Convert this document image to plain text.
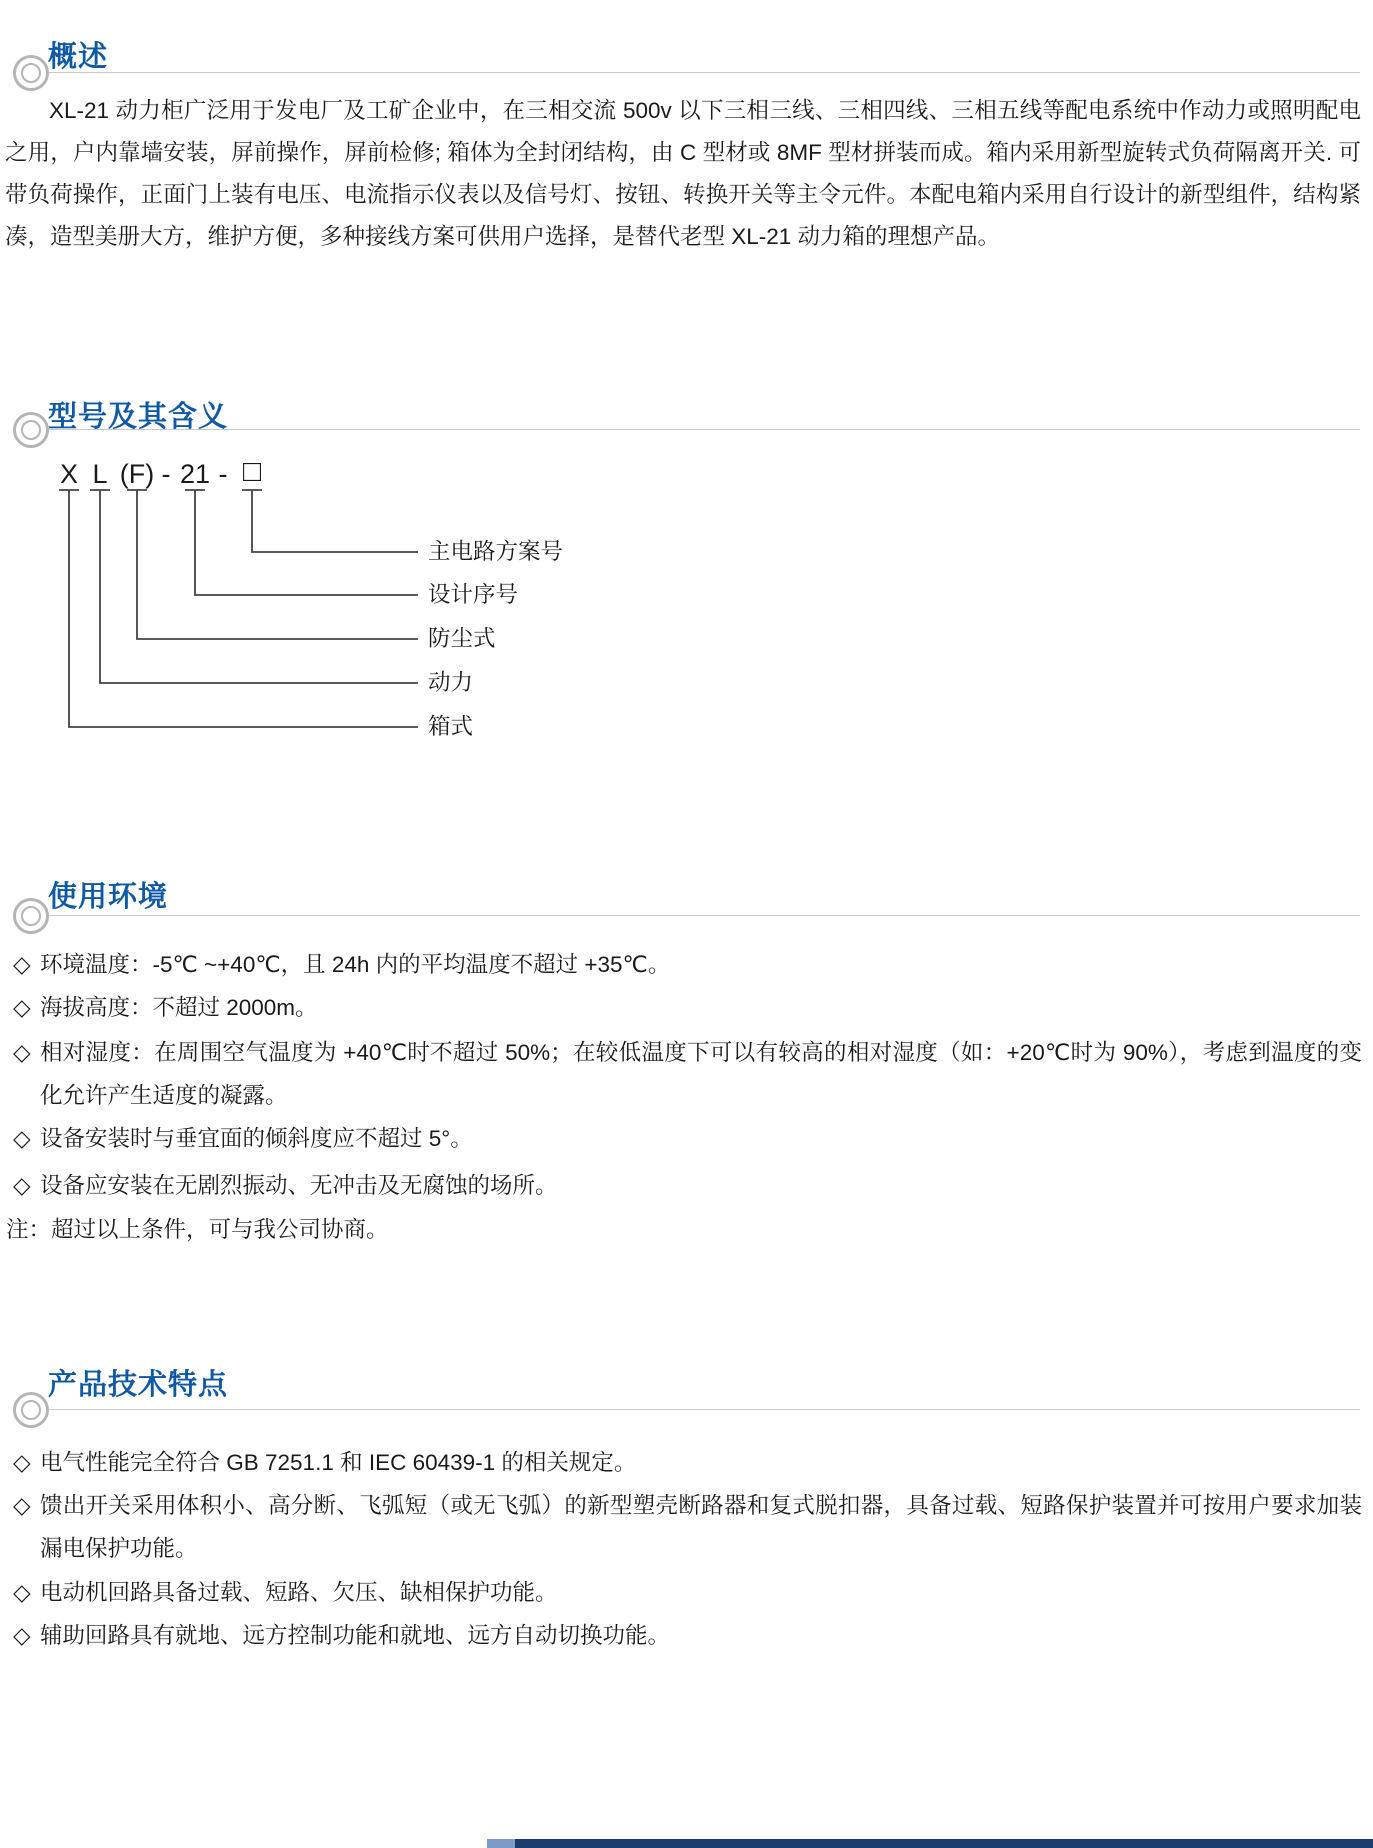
概述
XL-21 动力柜广泛用于发电厂及工矿企业中，在三相交流 500v 以下三相三线、三相四线、三相五线等配电系统中作动力或照明配电之用，户内靠墙安装，屏前操作，屏前检修; 箱体为全封闭结构，由 C 型材或 8MF 型材拼装而成。箱内采用新型旋转式负荷隔离开关. 可带负荷操作，正面门上装有电压、电流指示仪表以及信号灯、按钮、转换开关等主令元件。本配电箱内采用自行设计的新型组件，结构紧凑，造型美册大方，维护方便，多种接线方案可供用户选择，是替代老型 XL-21 动力箱的理想产品。
型号及其含义
X L (F) - 21 - □
主电路方案号
设计序号
防尘式
动力
箱式
使用环境
◇ 环境温度：-5℃ ~+40℃，且 24h 内的平均温度不超过 +35℃。
◇ 海拔高度：不超过 2000m。
◇ 相对湿度：在周围空气温度为 +40℃时不超过 50%；在较低温度下可以有较高的相对湿度（如：+20℃时为 90%），考虑到温度的变化允许产生适度的凝露。
◇ 设备安装时与垂宜面的倾斜度应不超过 5°。
◇ 设备应安装在无剧烈振动、无冲击及无腐蚀的场所。
注：超过以上条件，可与我公司协商。
产品技术特点
◇ 电气性能完全符合 GB 7251.1 和 IEC 60439-1 的相关规定。
◇ 馈出开关采用体积小、高分断、飞弧短（或无飞弧）的新型塑壳断路器和复式脱扣器，具备过载、短路保护装置并可按用户要求加装漏电保护功能。
◇ 电动机回路具备过载、短路、欠压、缺相保护功能。
◇ 辅助回路具有就地、远方控制功能和就地、远方自动切换功能。
